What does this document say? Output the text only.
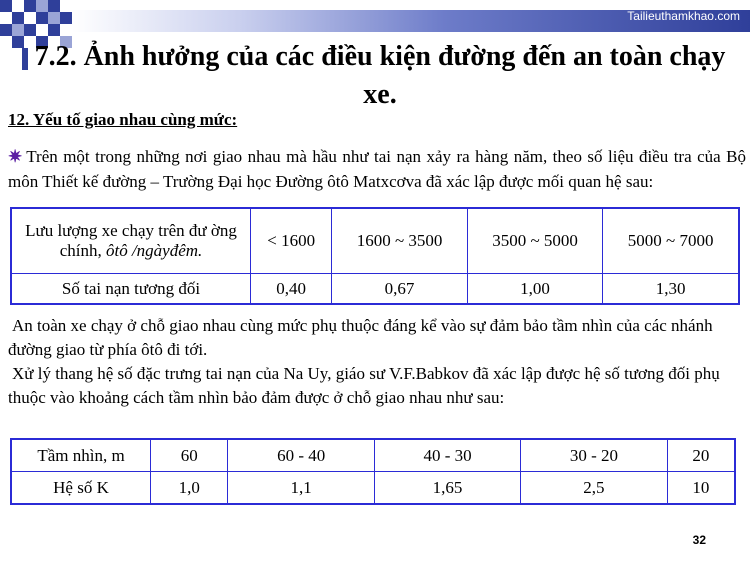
Tailieuthamkhao.com
7.2. Ảnh hưởng của các điều kiện đường đến an toàn chạy xe.
12. Yếu tố giao nhau cùng mức:
✷ Trên một trong những nơi giao nhau mà hầu như tai nạn xảy ra hàng năm, theo số liệu điều tra của Bộ môn Thiết kế đường – Trường Đại học Đường ôtô Matxcơva đã xác lập được mối quan hệ sau:
Lưu lượng xe chạy trên đư ờng chính, ôtô /ngàyđêm.	< 1600	1600 ~ 3500	3500 ~ 5000	5000 ~ 7000
Số tai nạn tương đối	0,40	0,67	1,00	1,30
An toàn xe chạy ở chỗ giao nhau cùng mức phụ thuộc đáng kể vào sự đảm bảo tầm nhìn của các nhánh đường giao từ phía ôtô đi tới.
Xử lý thang hệ số đặc trưng tai nạn của Na Uy, giáo sư V.F.Babkov đã xác lập được hệ số tương đối phụ thuộc vào khoảng cách tầm nhìn bảo đảm được ở chỗ giao nhau như sau:
Tầm nhìn, m	60	60 - 40	40 - 30	30 - 20	20
Hệ số K	1,0	1,1	1,65	2,5	10
32
